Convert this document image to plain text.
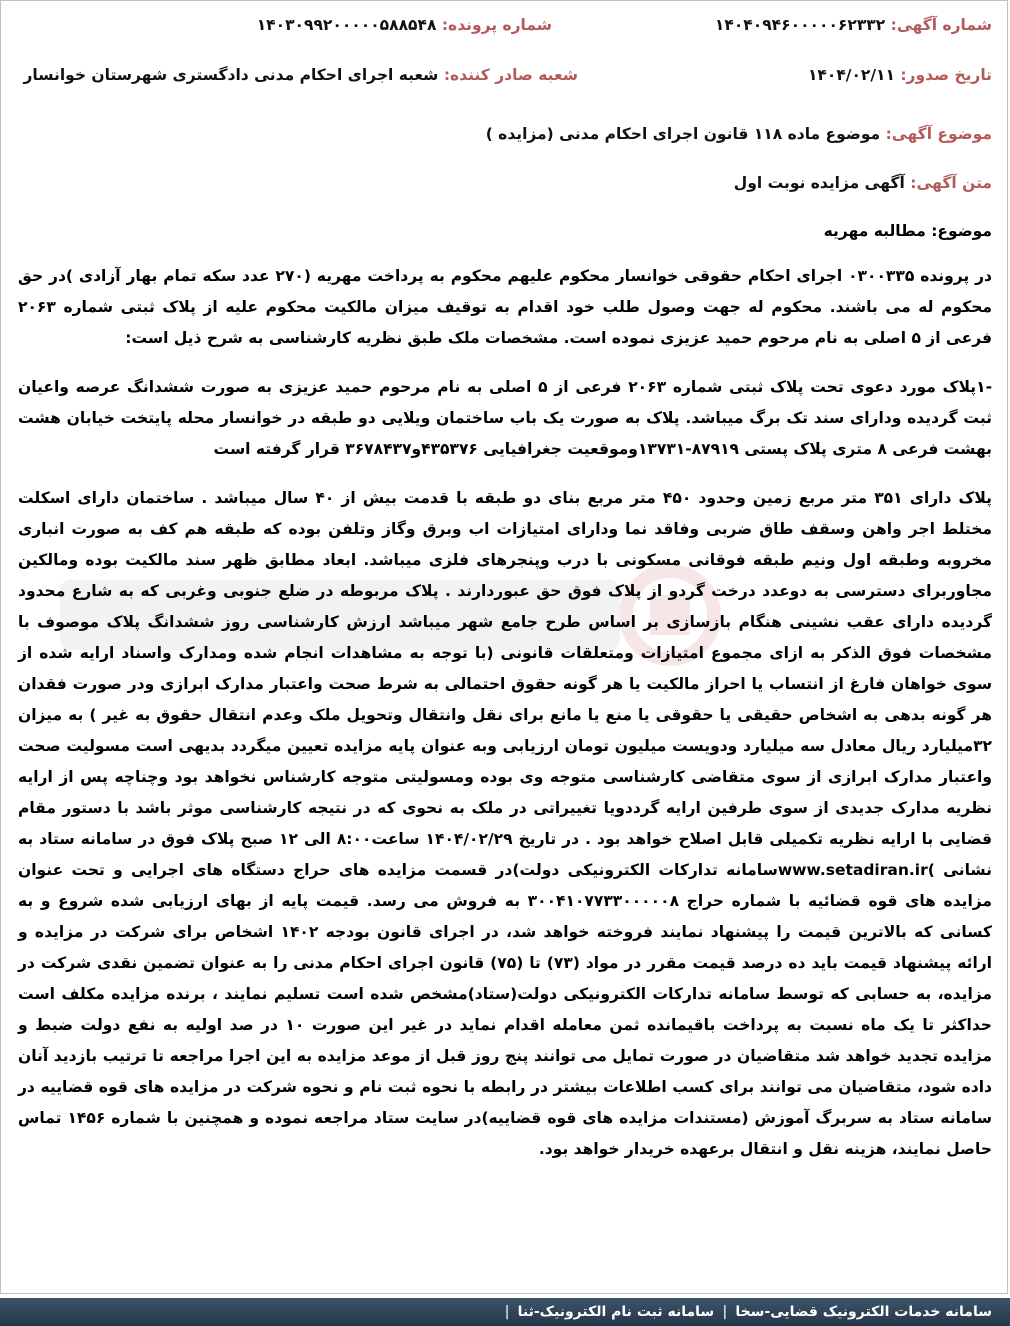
شماره آگهی: ۱۴۰۴۰۹۴۶۰۰۰۰۰۶۲۳۳۲
شماره پرونده: ۱۴۰۳۰۹۹۲۰۰۰۰۰۵۸۸۵۴۸
تاریخ صدور: ۱۴۰۴/۰۲/۱۱
شعبه صادر کننده: شعبه اجرای احکام مدنی دادگستری شهرستان خوانسار
موضوع آگهی: موضوع ماده ۱۱۸ قانون اجرای احکام مدنی (مزایده )
متن آگهی: آگهی مزایده نوبت اول

موضوع: مطالبه مهریه

در پرونده ۰۳۰۰۳۳۵ اجرای احکام حقوقی خوانسار محکوم علیهم محکوم به پرداخت مهریه (۲۷۰ عدد سکه تمام بهار آزادی )در حق محکوم له می باشند. محکوم له جهت وصول طلب خود اقدام به توقیف میزان مالکیت محکوم علیه از پلاک ثبتی شماره ۲۰۶۳ فرعی از ۵ اصلی به نام مرحوم حمید عزیزی نموده است. مشخصات ملک طبق نظریه کارشناسی به شرح ذیل است:

-۱پلاک مورد دعوی تحت پلاک ثبتی شماره ۲۰۶۳ فرعی از ۵ اصلی به نام مرحوم حمید عزیزی به صورت ششدانگ عرصه واعیان ثبت گردیده ودارای سند تک برگ میباشد. پلاک به صورت یک باب ساختمان ویلایی دو طبقه در خوانسار محله پایتخت خیابان هشت بهشت فرعی ۸ متری پلاک پستی ۸۷۹۱۹-۱۳۷۳۱وموقعیت جغرافیایی ۴۳۵۳۷۶و۳۶۷۸۴۳۷ قرار گرفته است

پلاک دارای ۳۵۱ متر مربع زمین وحدود ۴۵۰ متر مربع بنای دو طبقه با قدمت بیش از ۴۰ سال میباشد . ساختمان دارای اسکلت مختلط اجر واهن وسقف طاق ضربی وفاقد نما ودارای امتیازات اب وبرق وگاز وتلفن بوده که طبقه هم کف به صورت انباری مخروبه وطبقه اول ونیم طبقه فوقانی مسکونی با درب وپنجرهای فلزی میباشد. ابعاد مطابق ظهر سند مالکیت بوده ومالکین مجاوربرای دسترسی به دوعدد درخت گردو از پلاک فوق حق عبوردارند . پلاک مربوطه در ضلع جنوبی وغربی که به شارع محدود گردیده دارای عقب نشینی هنگام بازسازی بر اساس طرح جامع شهر میباشد ارزش کارشناسی روز ششدانگ پلاک موصوف با مشخصات فوق الذکر به ازای مجموع امتیازات ومتعلقات قانونی (با توجه به مشاهدات انجام شده ومدارک واسناد ارایه شده از سوی خواهان فارغ از انتساب یا احراز مالکیت یا هر گونه حقوق احتمالی به شرط صحت واعتبار مدارک ابرازی ودر صورت فقدان هر گونه بدهی به اشخاص حقیقی یا حقوقی یا منع یا مانع برای نقل وانتقال وتحویل ملک وعدم انتقال حقوق به غیر ) به میزان ۳۲میلیارد ریال معادل سه میلیارد ودویست میلیون تومان ارزیابی وبه عنوان پایه مزایده تعیین میگردد بدیهی است مسولیت صحت واعتبار مدارک ابرازی از سوی متقاضی کارشناسی متوجه وی بوده ومسولیتی متوجه کارشناس نخواهد بود وچناچه پس از ارایه نظریه مدارک جدیدی از سوی طرفین ارایه گرددویا تغییراتی در ملک به نحوی که در نتیجه کارشناسی موثر باشد با دستور مقام قضایی با ارایه نظریه تکمیلی قابل اصلاح خواهد بود . در تاریخ ۱۴۰۴/۰۲/۲۹ ساعت۸:۰۰ الی ۱۲ صبح پلاک فوق در سامانه ستاد به نشانی )www.setadiran.irسامانه تدارکات الکترونیکی دولت)در قسمت مزایده های حراج دستگاه های اجرایی و تحت عنوان مزایده های قوه قضائیه با شماره حراج ۳۰۰۴۱۰۷۷۳۳۰۰۰۰۰۸ به فروش می رسد. قیمت پایه از بهای ارزیابی شده شروع و به کسانی که بالاترین قیمت را پیشنهاد نمایند فروخته خواهد شد، در اجرای قانون بودجه ۱۴۰۲ اشخاص برای شرکت در مزایده و ارائه پیشنهاد قیمت باید ده درصد قیمت مقرر در مواد (۷۳) تا (۷۵) قانون اجرای احکام مدنی را به عنوان تضمین نقدی شرکت در مزایده، به حسابی که توسط سامانه تدارکات الکترونیکی دولت(ستاد)مشخص شده است تسلیم نمایند ، برنده مزایده مکلف است حداکثر تا یک ماه نسبت به پرداخت باقیمانده ثمن معامله اقدام نماید در غیر این صورت ۱۰ در صد اولیه به نفع دولت ضبط و مزایده تجدید خواهد شد متقاضیان در صورت تمایل می توانند پنج روز قبل از موعد مزایده به این اجرا مراجعه تا ترتیب بازدید آنان داده شود، متقاضیان می توانند برای کسب اطلاعات بیشتر در رابطه با نحوه ثبت نام و نحوه شرکت در مزایده های قوه قضاییه در سامانه ستاد به سربرگ آموزش (مستندات مزایده های قوه قضاییه)در سایت ستاد مراجعه نموده و همچنین با شماره ۱۴۵۶ تماس حاصل نمایند، هزینه نقل و انتقال برعهده خریدار خواهد بود.

سامانه خدمات الکترونیک قضایی-سخا
|
سامانه ثبت نام الکترونیک-ثنا
|
